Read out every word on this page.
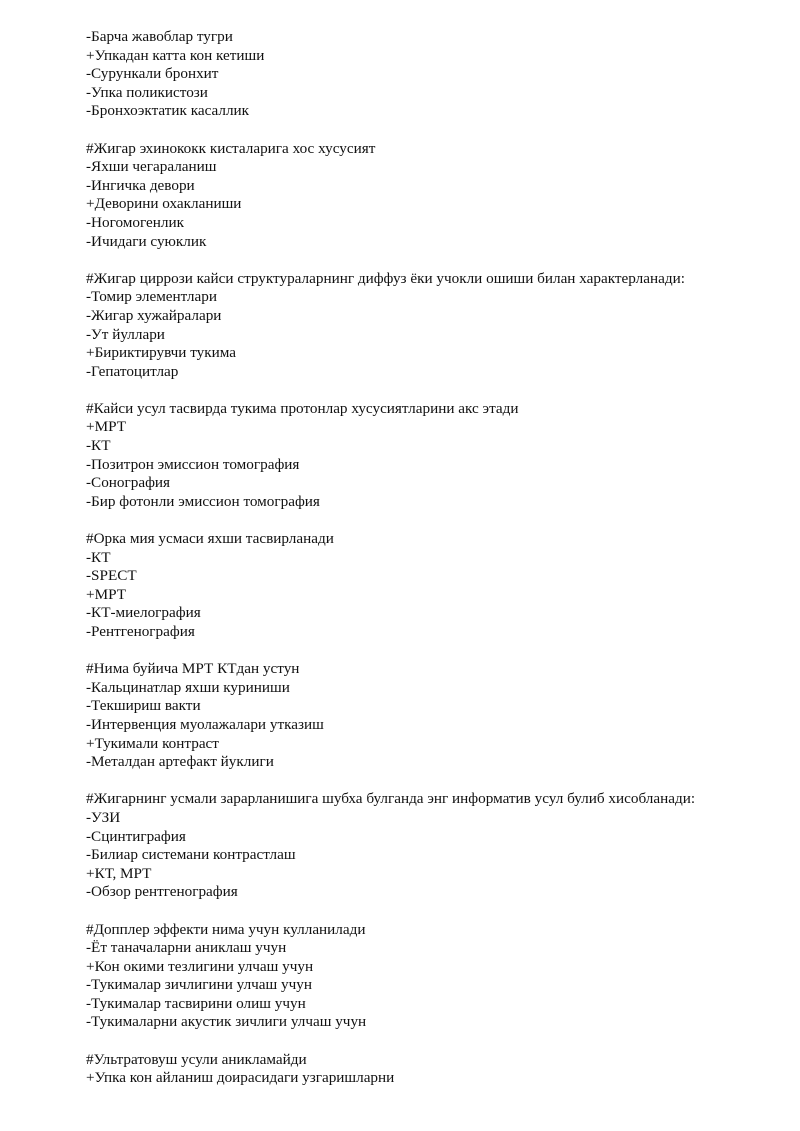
-Барча жавоблар тугри
+Упкадан катта кон кетиши
-Сурункали бронхит
-Упка поликистози
-Бронхоэктатик касаллик
#Жигар эхинококк кисталарига хос хусусият
-Яхши чегараланиш
-Ингичка девори
+Деворини охакланиши
-Ногомогенлик
-Ичидаги суюклик
#Жигар циррози кайси структураларнинг диффуз ёки учокли ошиши билан характерланади:
-Томир элементлари
-Жигар хужайралари
-Ут йуллари
+Бириктирувчи тукима
-Гепатоцитлар
#Кайси усул тасвирда тукима протонлар хусусиятларини акс этади
+МРТ
-КТ
-Позитрон эмиссион томография
-Сонография
-Бир фотонли эмиссион томография
#Орка мия усмаси яхши тасвирланади
-КТ
-SPECT
+МРТ
-КТ-миелография
-Рентгенография
#Нима буйича МРТ КТдан устун
-Кальцинатлар яхши куриниши
-Текшириш вакти
-Интервенция муолажалари утказиш
+Тукимали контраст
-Металдан артефакт йуклиги
#Жигарнинг усмали зарарланишига шубха булганда энг информатив усул булиб хисобланади:
-УЗИ
-Сцинтиграфия
-Билиар системани контрастлаш
+КТ, МРТ
-Обзор рентгенография
#Допплер эффекти нима учун кулланилади
-Ёт таначаларни аниклаш учун
+Кон окими тезлигини улчаш учун
-Тукималар зичлигини улчаш учун
-Тукималар тасвирини олиш учун
-Тукималарни акустик зичлиги улчаш учун
#Ультратовуш усули аникламайди
+Упка кон айланиш доирасидаги узгаришларни
